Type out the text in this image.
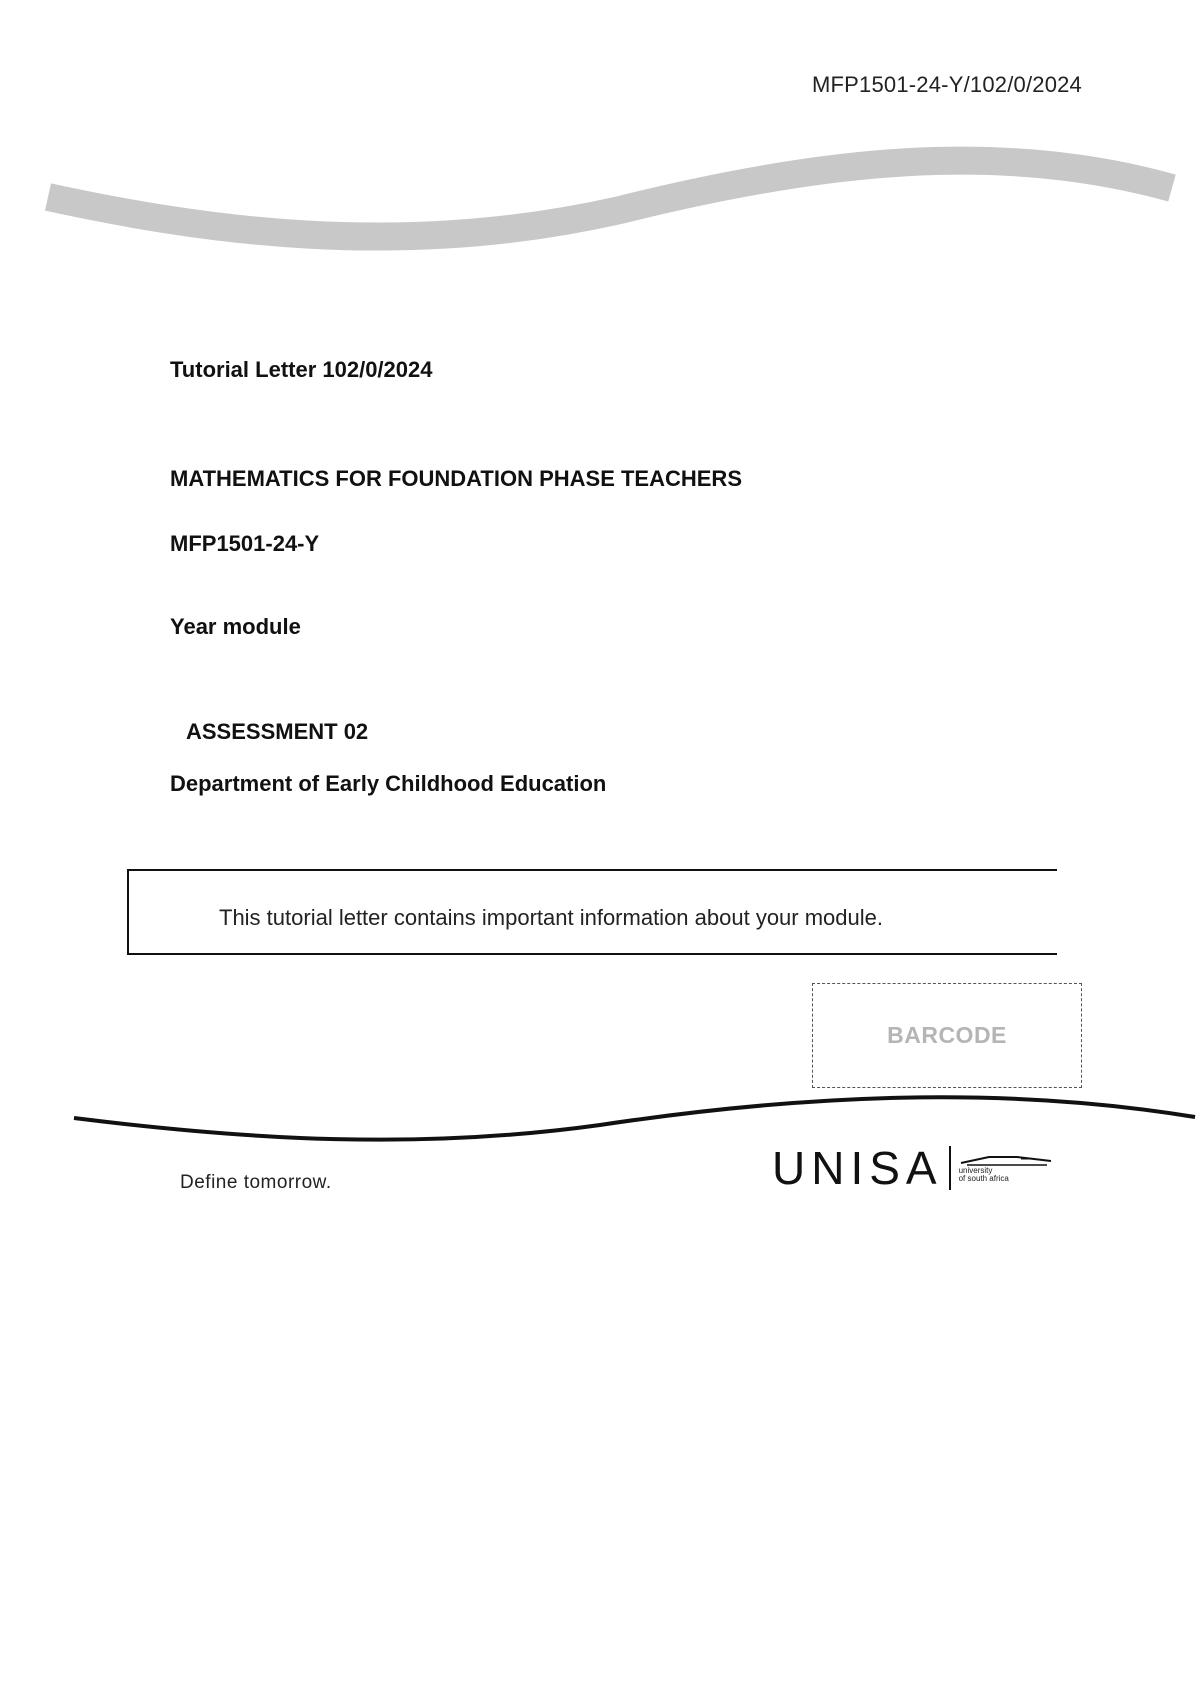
MFP1501-24-Y/102/0/2024
Tutorial Letter 102/0/2024
MATHEMATICS FOR FOUNDATION PHASE TEACHERS
MFP1501-24-Y
Year module
ASSESSMENT 02
Department of Early Childhood Education
This tutorial letter contains important information about your module.
BARCODE
Define tomorrow.	UNISA university
of south africa
